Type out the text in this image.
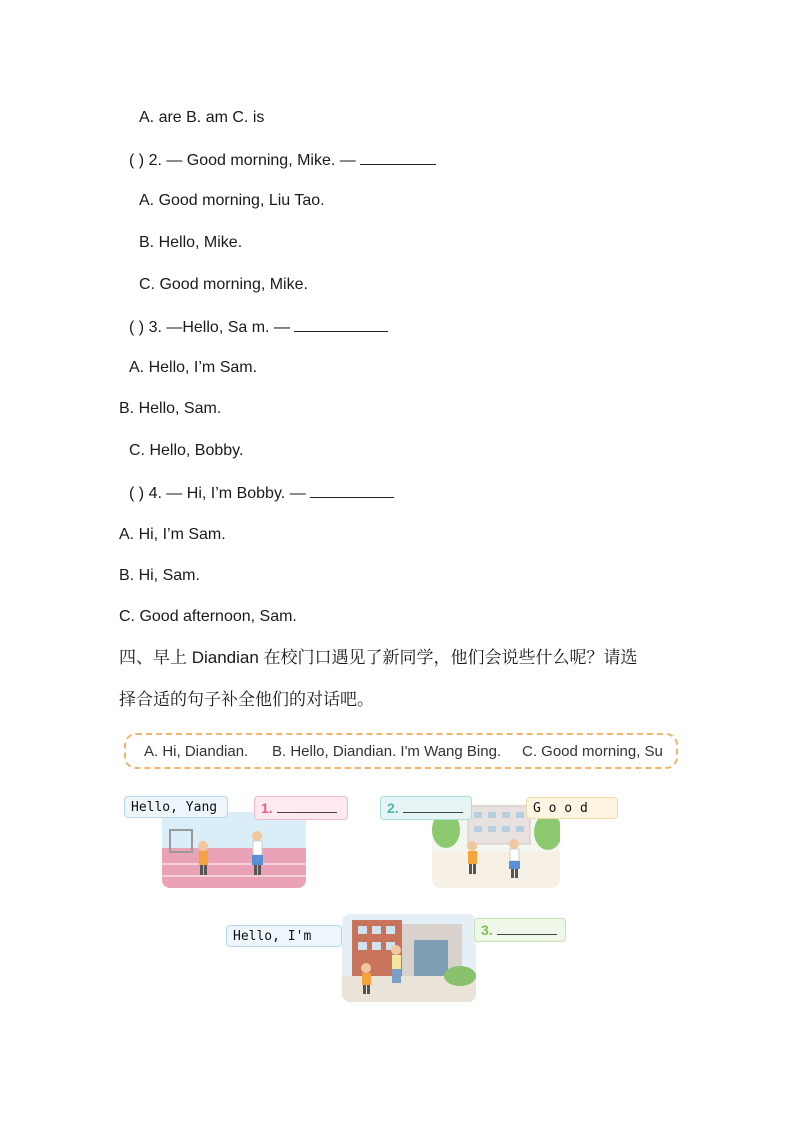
A. are B. am C. is
( ) 2. — Good morning, Mike. —
A. Good morning, Liu Tao.
B. Hello, Mike.
C. Good morning, Mike.
( ) 3. —Hello, Sa m. —
A. Hello, I’m Sam.
B. Hello, Sam.
C. Hello, Bobby.
( ) 4. — Hi, I’m Bobby. —
A. Hi, I’m Sam.
B. Hi, Sam.
C. Good afternoon, Sam.
四、早上 Diandian 在校门口遇见了新同学，他们会说些什么呢？请选
择合适的句子补全他们的对话吧。
A. Hi, Diandian. B. Hello, Diandian. I'm Wang Bing. C. Good morning, Su
Hello, Yang	1.	2.	G o o d
Hello, I'm	3.
